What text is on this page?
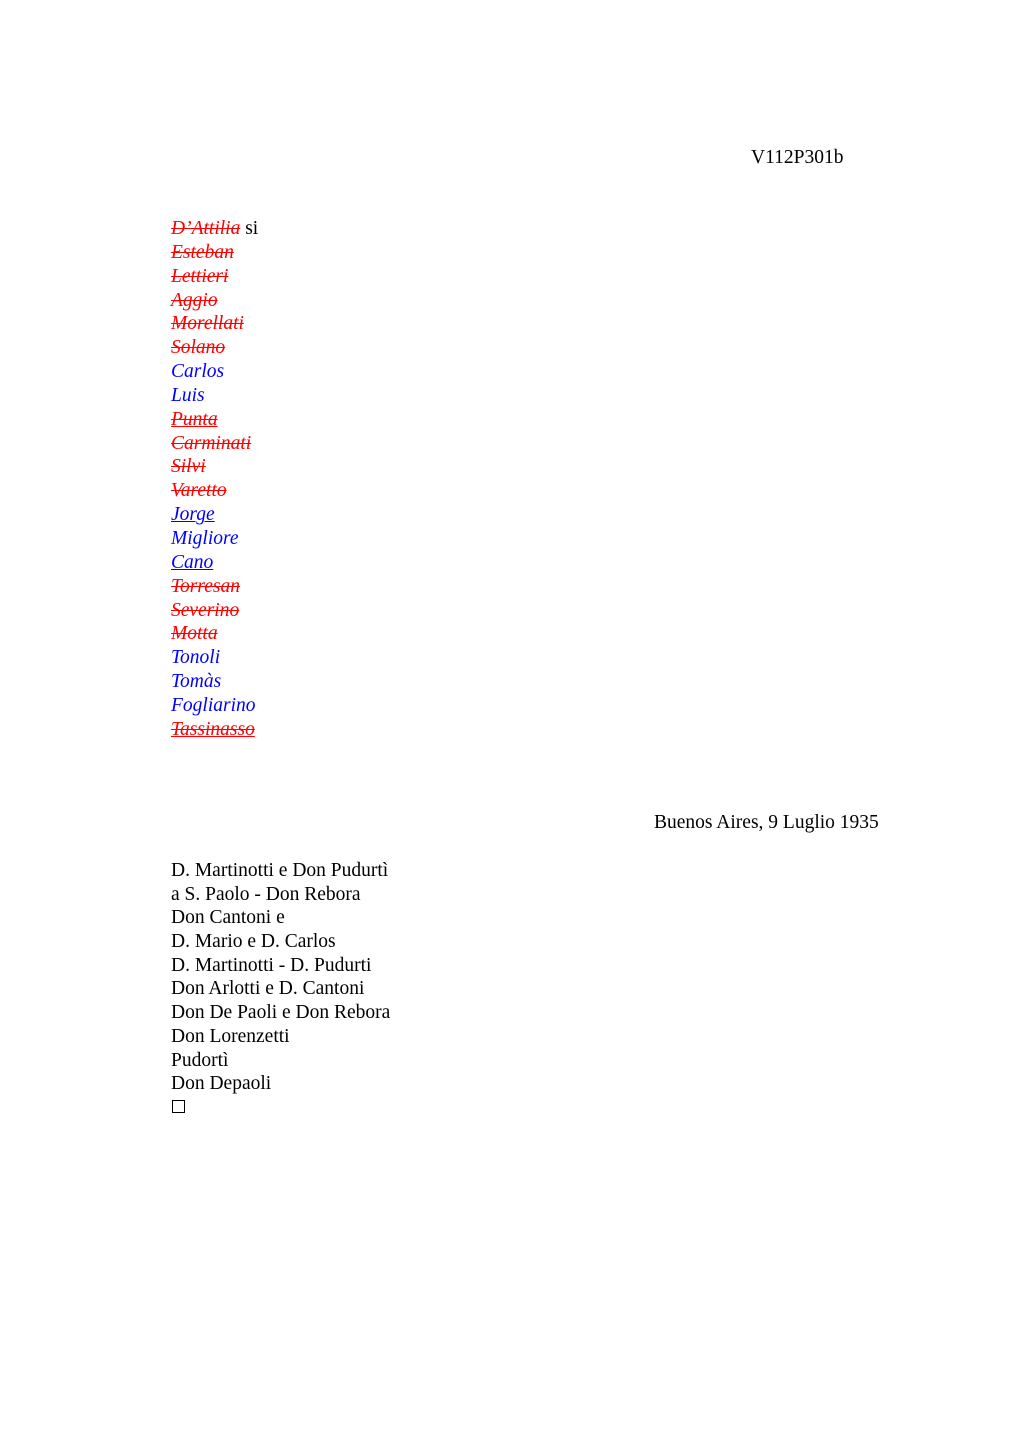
V112P301b
D’Attilia si
Esteban
Lettieri
Aggio
Morellati
Solano
Carlos
Luis
Punta
Carminati
Silvi
Varetto
Jorge
Migliore
Cano
Torresan
Severino
Motta
Tonoli
Tomàs
Fogliarino
Tassinasso
Buenos Aires, 9 Luglio 1935
D. Martinotti e Don Pudurtì
a S. Paolo - Don Rebora
Don Cantoni e
D. Mario e D. Carlos
D. Martinotti - D. Pudurti
Don Arlotti e D. Cantoni
Don De Paoli e Don Rebora
Don Lorenzetti
Pudortì
Don Depaoli
